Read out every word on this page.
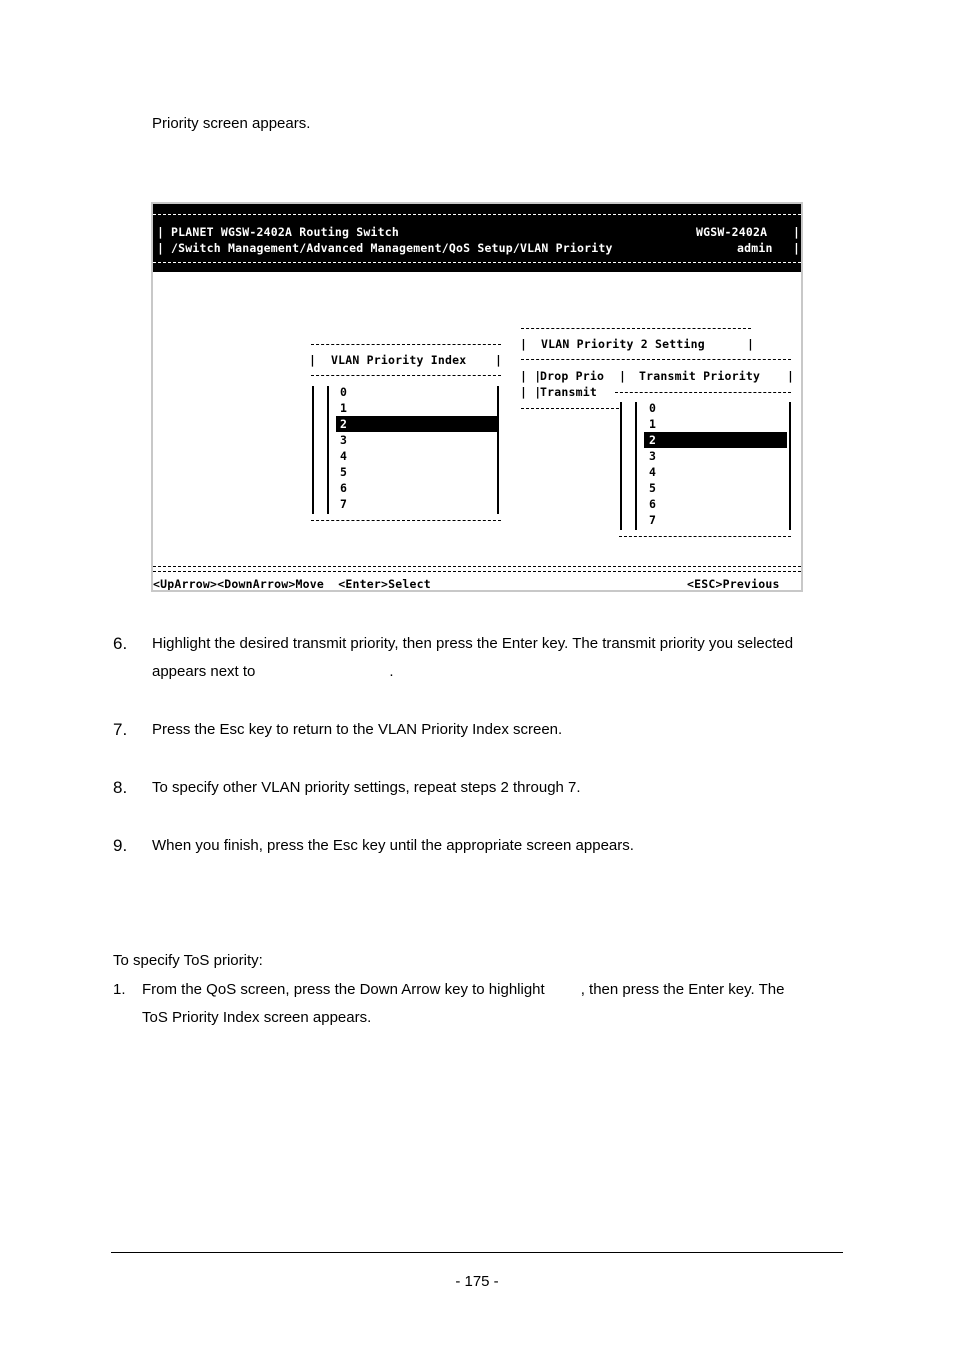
Priority screen appears.
| PLANET WGSW-2402A Routing Switch	WGSW-2402A |
| /Switch Management/Advanced Management/QoS Setup/VLAN Priority	admin |
| VLAN Priority Index |
0
1
2
3
4
5
6
7
| VLAN Priority 2 Setting	|
| |
Drop Prio | Transmit Priority |
| |
Transmit
0
1
2
3
4
5
6
7
<UpArrow><DownArrow>Move  <Enter>Select	<ESC>Previous
6. Highlight the desired transmit priority, then press the Enter key. The transmit priority you selected
appears next to	.
7. Press the Esc key to return to the VLAN Priority Index screen.
8. To specify other VLAN priority settings, repeat steps 2 through 7.
9. When you finish, press the Esc key until the appropriate screen appears.
To specify ToS priority:
1. From the QoS screen, press the Down Arrow key to highlight , then press the Enter key. The
ToS Priority Index screen appears.
- 175 -
